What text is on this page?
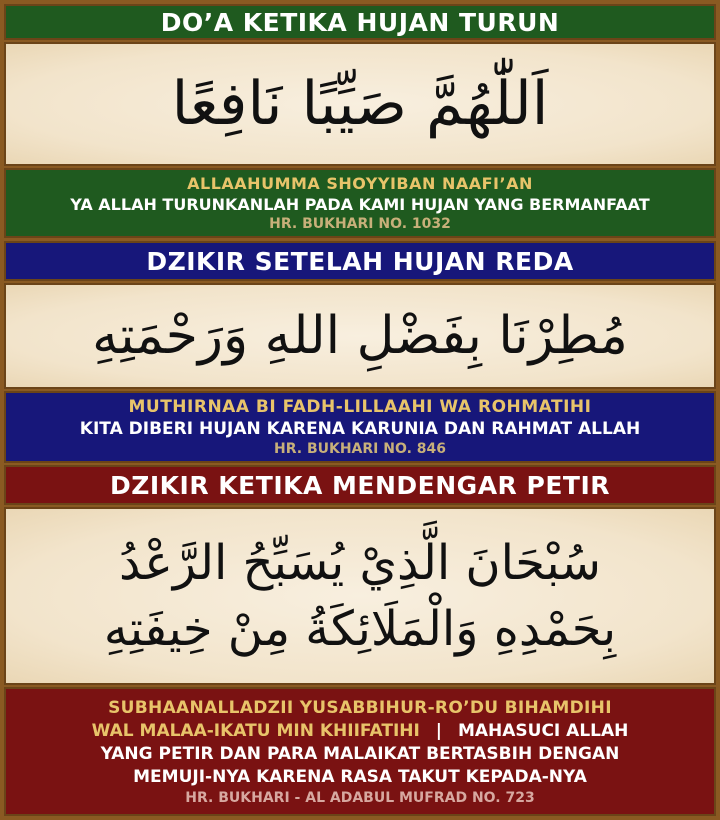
DO’A KETIKA HUJAN TURUN
اَللّٰهُمَّ صَيِّبًا نَافِعًا
ALLAAHUMMA SHOYYIBAN NAAFI’AN
YA ALLAH TURUNKANLAH PADA KAMI HUJAN YANG BERMANFAAT
HR. BUKHARI NO. 1032
DZIKIR SETELAH HUJAN REDA
مُطِرْنَا بِفَضْلِ اللهِ وَرَحْمَتِهِ
MUTHIRNAA BI FADH-LILLAAHI WA ROHMATIHI
KITA DIBERI HUJAN KARENA KARUNIA DAN RAHMAT ALLAH
HR. BUKHARI NO. 846
DZIKIR KETIKA MENDENGAR PETIR
سُبْحَانَ الَّذِيْ يُسَبِّحُ الرَّعْدُ
بِحَمْدِهِ وَالْمَلَائِكَةُ مِنْ خِيفَتِهِ
SUBHAANALLADZII YUSABBIHUR-RO’DU BIHAMDIHI
WAL MALAA-IKATU MIN KHIIFATIHI | MAHASUCI ALLAH
YANG PETIR DAN PARA MALAIKAT BERTASBIH DENGAN
MEMUJI-NYA KARENA RASA TAKUT KEPADA-NYA
HR. BUKHARI - AL ADABUL MUFRAD NO. 723
